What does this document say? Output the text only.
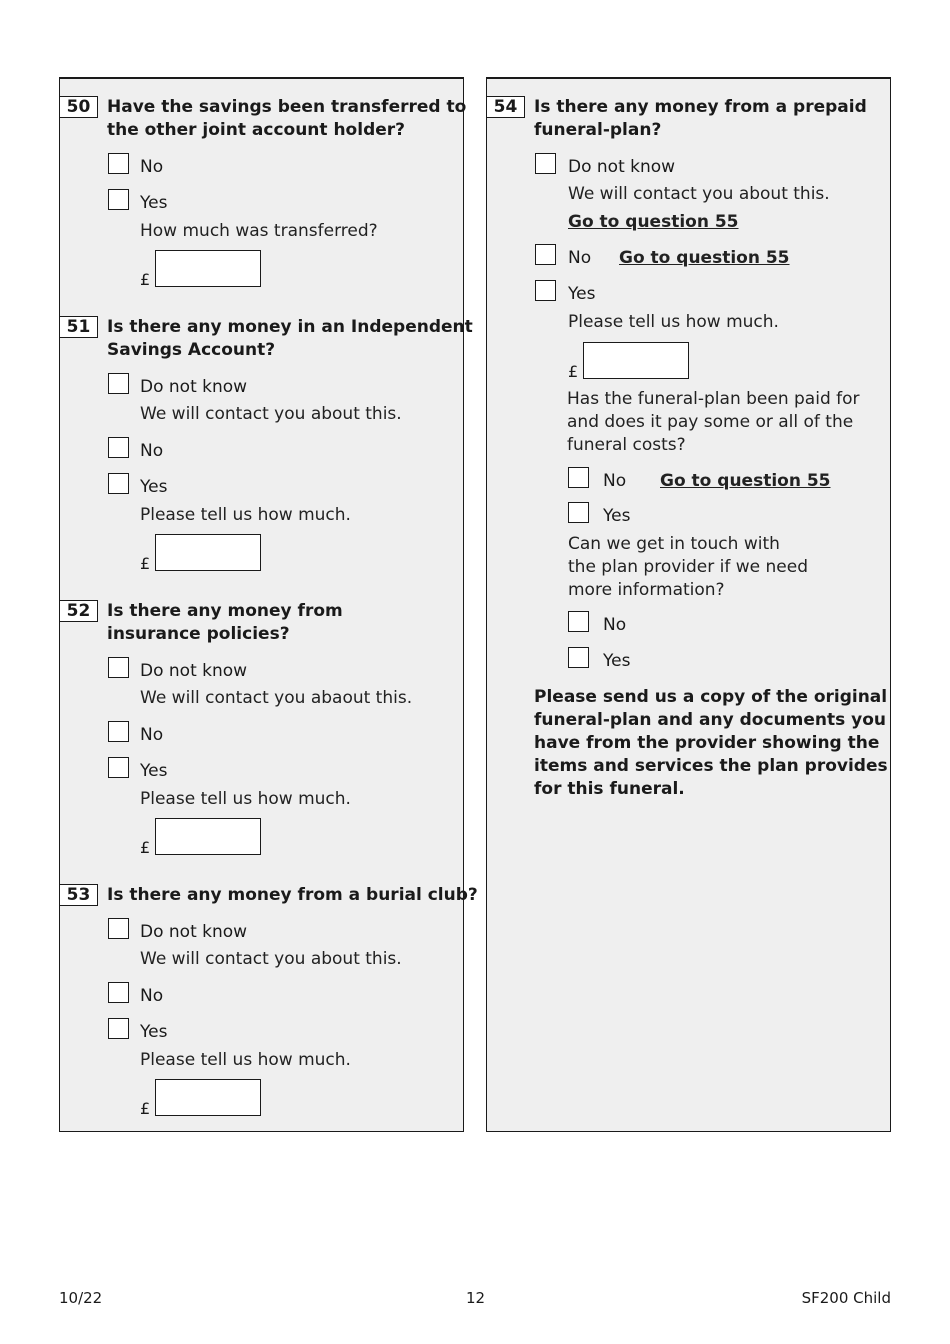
50 Have the savings been transferred to
the other joint account holder?
No
Yes
How much was transferred?
£
51 Is there any money in an Independent
Savings Account?
Do not know
We will contact you about this.
No
Yes
Please tell us how much.
£
52 Is there any money from
insurance policies?
Do not know
We will contact you abaout this.
No
Yes
Please tell us how much.
£
53 Is there any money from a burial club?
Do not know
We will contact you about this.
No
Yes
Please tell us how much.
£
54 Is there any money from a prepaid
funeral-plan?
Do not know
We will contact you about this.
Go to question 55
No Go to question 55
Yes
Please tell us how much.
£
Has the funeral-plan been paid for
and does it pay some or all of the
funeral costs?
No Go to question 55
Yes
Can we get in touch with
the plan provider if we need
more information?
No
Yes
Please send us a copy of the original
funeral-plan and any documents you
have from the provider showing the
items and services the plan provides
for this funeral.
10/22	12	SF200 Child
